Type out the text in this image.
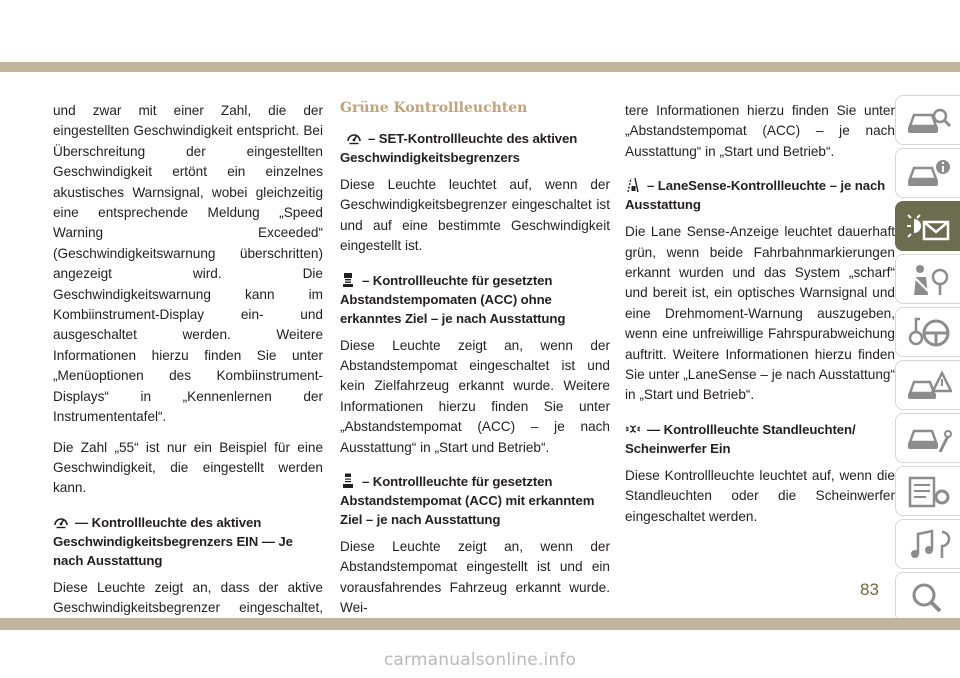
und zwar mit einer Zahl, die der eingestellten Geschwindigkeit entspricht. Bei Überschreitung der eingestellten Geschwindigkeit ertönt ein einzelnes akustisches Warnsignal, wobei gleichzeitig eine entsprechende Meldung „Speed Warning Exceeded“ (Geschwindigkeitswarnung überschritten) angezeigt wird. Die Geschwindigkeitswarnung kann im Kombiinstrument-Display ein- und ausgeschaltet werden. Weitere Informationen hierzu finden Sie unter „Menüoptionen des Kombiinstrument-Displays“ in „Kennenlernen der Instrumententafel“.

Die Zahl „55“ ist nur ein Beispiel für eine Geschwindigkeit, die eingestellt werden kann.

— Kontrollleuchte des aktiven Geschwindigkeitsbegrenzers EIN — Je nach Ausstattung

Diese Leuchte zeigt an, dass der aktive Geschwindigkeitsbegrenzer eingeschaltet,

Grüne Kontrollleuchten
– SET-Kontrollleuchte des aktiven Geschwindigkeitsbegrenzers

Diese Leuchte leuchtet auf, wenn der Geschwindigkeitsbegrenzer eingeschaltet ist und auf eine bestimmte Geschwindigkeit eingestellt ist.

– Kontrollleuchte für gesetzten Abstandstempomaten (ACC) ohne erkanntes Ziel – je nach Ausstattung

Diese Leuchte zeigt an, wenn der Abstandstempomat eingeschaltet ist und kein Zielfahrzeug erkannt wurde. Weitere Informationen hierzu finden Sie unter „Abstandstempomat (ACC) – je nach Ausstattung“ in „Start und Betrieb“.

– Kontrollleuchte für gesetzten Abstandstempomat (ACC) mit erkanntem Ziel – je nach Ausstattung

Diese Leuchte zeigt an, wenn der Abstandstempomat eingestellt ist und ein vorausfahrendes Fahrzeug erkannt wurde. Wei-

tere Informationen hierzu finden Sie unter „Abstandstempomat (ACC) – je nach Ausstattung“ in „Start und Betrieb“.

– LaneSense-Kontrollleuchte – je nach Ausstattung

Die Lane Sense-Anzeige leuchtet dauerhaft grün, wenn beide Fahrbahnmarkierungen erkannt wurden und das System „scharf“ und bereit ist, ein optisches Warnsignal und eine Drehmoment-Warnung auszugeben, wenn eine unfreiwillige Fahrspurabweichung auftritt. Weitere Informationen hierzu finden Sie unter „LaneSense – je nach Ausstattung“ in „Start und Betrieb“.

— Kontrollleuchte Standleuchten/ Scheinwerfer Ein

Diese Kontrollleuchte leuchtet auf, wenn die Standleuchten oder die Scheinwerfer eingeschaltet werden.

83
carmanualsonline.info
